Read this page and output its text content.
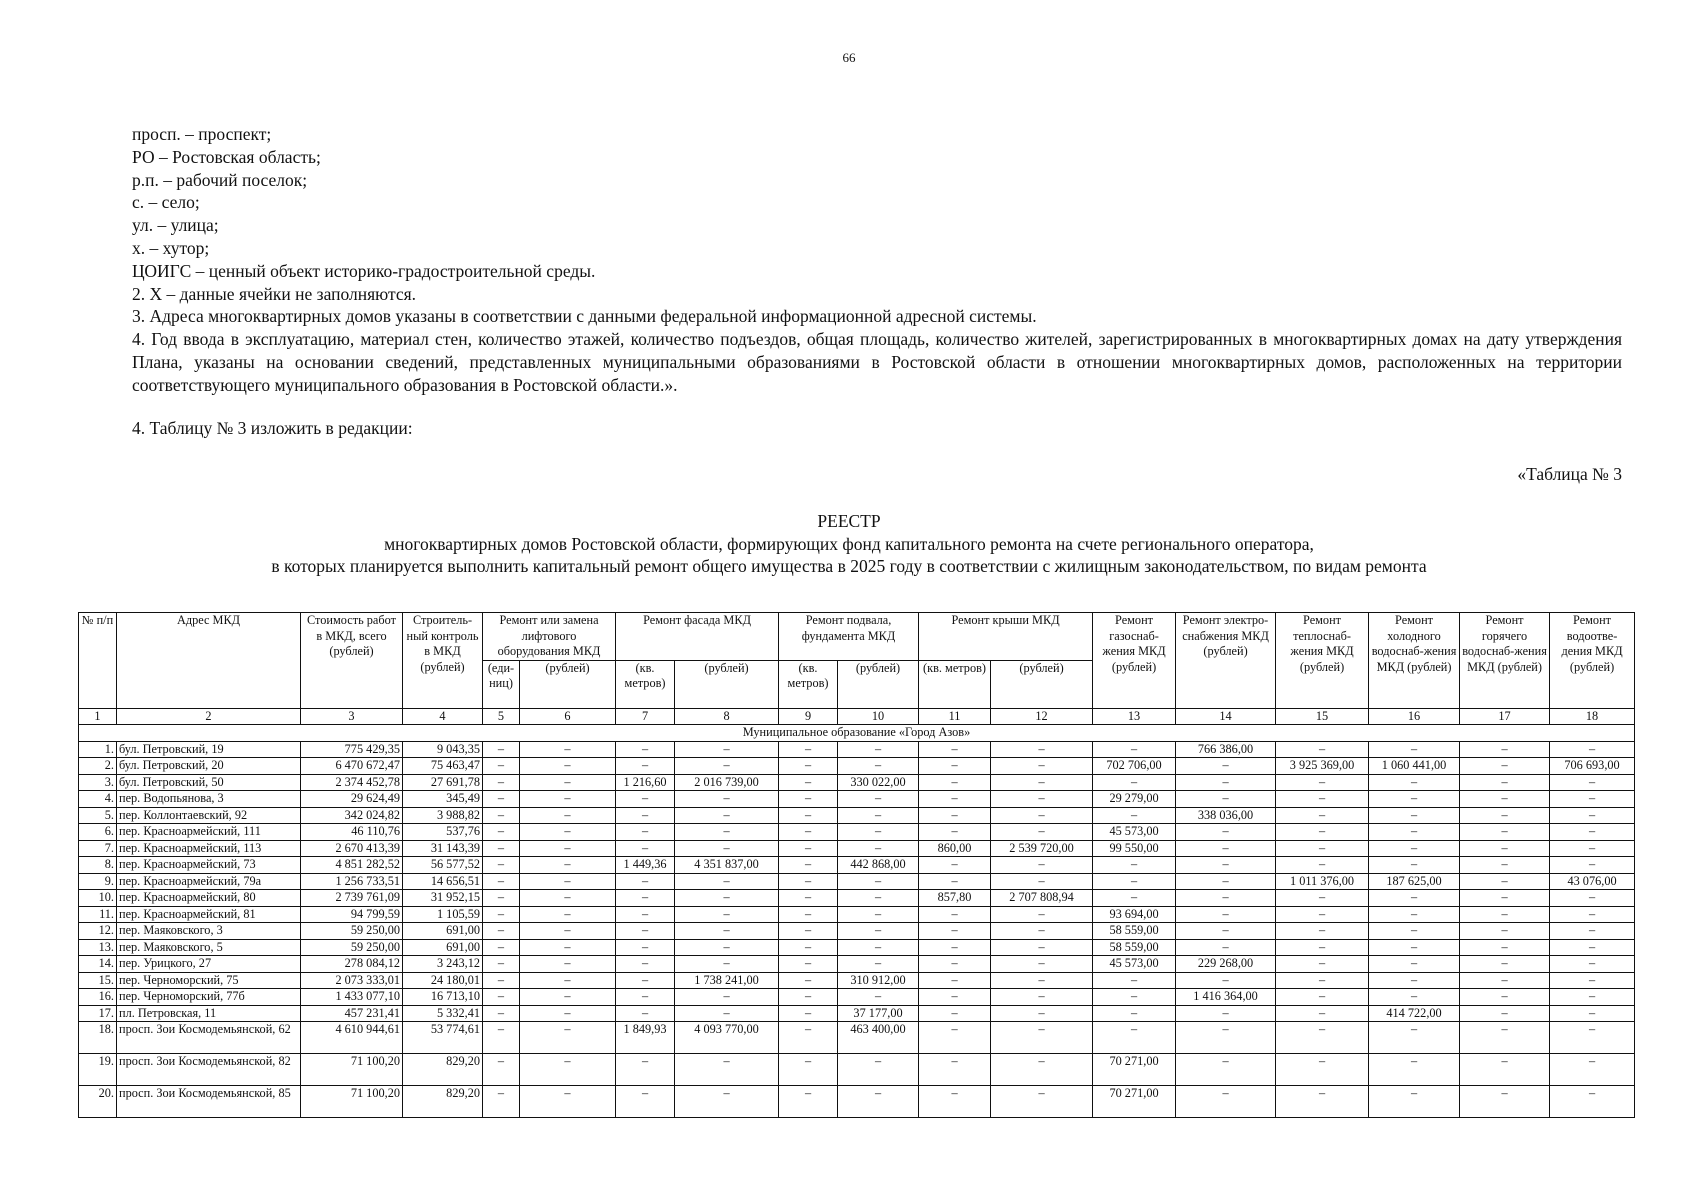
66
просп. – проспект;
РО – Ростовская область;
р.п. – рабочий поселок;
с. – село;
ул. – улица;
х. – хутор;
ЦОИГС – ценный объект историко-градостроительной среды.
2. Х – данные ячейки не заполняются.
3. Адреса многоквартирных домов указаны в соответствии с данными федеральной информационной адресной системы.
4. Год ввода в эксплуатацию, материал стен, количество этажей, количество подъездов, общая площадь, количество жителей, зарегистрированных в многоквартирных домах на дату утверждения Плана, указаны на основании сведений, представленных муниципальными образованиями в Ростовской области в отношении многоквартирных домов, расположенных на территории соответствующего муниципального образования в Ростовской области.».
4. Таблицу № 3 изложить в редакции:
«Таблица № 3
РЕЕСТР
многоквартирных домов Ростовской области, формирующих фонд капитального ремонта на счете регионального оператора,
в которых планируется выполнить капитальный ремонт общего имущества в 2025 году в соответствии с жилищным законодательством, по видам ремонта
№ п/п	Адрес МКД	Стоимость работ в МКД, всего (рублей)	Строитель-ный контроль в МКД (рублей)	Ремонт или замена лифтового оборудования МКД		Ремонт фасада МКД		Ремонт подвала, фундамента МКД		Ремонт крыши МКД		Ремонт газоснаб-жения МКД (рублей)	Ремонт электро-снабжения МКД (рублей)	Ремонт теплоснаб-жения МКД (рублей)	Ремонт холодного водоснаб-жения МКД (рублей)	Ремонт горячего водоснаб-жения МКД (рублей)	Ремонт водоотве-дения МКД (рублей)
				(еди-ниц)	(рублей)	(кв. метров)	(рублей)	(кв. метров)	(рублей)	(кв. метров)	(рублей)						
1	2	3	4	5	6	7	8	9	10	11	12	13	14	15	16	17	18
Муниципальное образование «Город Азов»																	
1.	бул. Петровский, 19	775 429,35	9 043,35	–	–	–	–	–	–	–	–	–	766 386,00	–	–	–	–
2.	бул. Петровский, 20	6 470 672,47	75 463,47	–	–	–	–	–	–	–	–	702 706,00	–	3 925 369,00	1 060 441,00	–	706 693,00
3.	бул. Петровский, 50	2 374 452,78	27 691,78	–	–	1 216,60	2 016 739,00	–	330 022,00	–	–	–	–	–	–	–	–
4.	пер. Водопьянова, 3	29 624,49	345,49	–	–	–	–	–	–	–	–	29 279,00	–	–	–	–	–
5.	пер. Коллонтаевский, 92	342 024,82	3 988,82	–	–	–	–	–	–	–	–	–	338 036,00	–	–	–	–
6.	пер. Красноармейский, 111	46 110,76	537,76	–	–	–	–	–	–	–	–	45 573,00	–	–	–	–	–
7.	пер. Красноармейский, 113	2 670 413,39	31 143,39	–	–	–	–	–	–	860,00	2 539 720,00	99 550,00	–	–	–	–	–
8.	пер. Красноармейский, 73	4 851 282,52	56 577,52	–	–	1 449,36	4 351 837,00	–	442 868,00	–	–	–	–	–	–	–	–
9.	пер. Красноармейский, 79а	1 256 733,51	14 656,51	–	–	–	–	–	–	–	–	–	–	1 011 376,00	187 625,00	–	43 076,00
10.	пер. Красноармейский, 80	2 739 761,09	31 952,15	–	–	–	–	–	–	857,80	2 707 808,94	–	–	–	–	–	–
11.	пер. Красноармейский, 81	94 799,59	1 105,59	–	–	–	–	–	–	–	–	93 694,00	–	–	–	–	–
12.	пер. Маяковского, 3	59 250,00	691,00	–	–	–	–	–	–	–	–	58 559,00	–	–	–	–	–
13.	пер. Маяковского, 5	59 250,00	691,00	–	–	–	–	–	–	–	–	58 559,00	–	–	–	–	–
14.	пер. Урицкого, 27	278 084,12	3 243,12	–	–	–	–	–	–	–	–	45 573,00	229 268,00	–	–	–	–
15.	пер. Черноморский, 75	2 073 333,01	24 180,01	–	–	–	1 738 241,00	–	310 912,00	–	–	–	–	–	–	–	–
16.	пер. Черноморский, 77б	1 433 077,10	16 713,10	–	–	–	–	–	–	–	–	–	1 416 364,00	–	–	–	–
17.	пл. Петровская, 11	457 231,41	5 332,41	–	–	–	–	–	37 177,00	–	–	–	–	–	414 722,00	–	–
18.	просп. Зои Космодемьянской, 62	4 610 944,61	53 774,61	–	–	1 849,93	4 093 770,00	–	463 400,00	–	–	–	–	–	–	–	–
19.	просп. Зои Космодемьянской, 82	71 100,20	829,20	–	–	–	–	–	–	–	–	70 271,00	–	–	–	–	–
20.	просп. Зои Космодемьянской, 85	71 100,20	829,20	–	–	–	–	–	–	–	–	70 271,00	–	–	–	–	–
